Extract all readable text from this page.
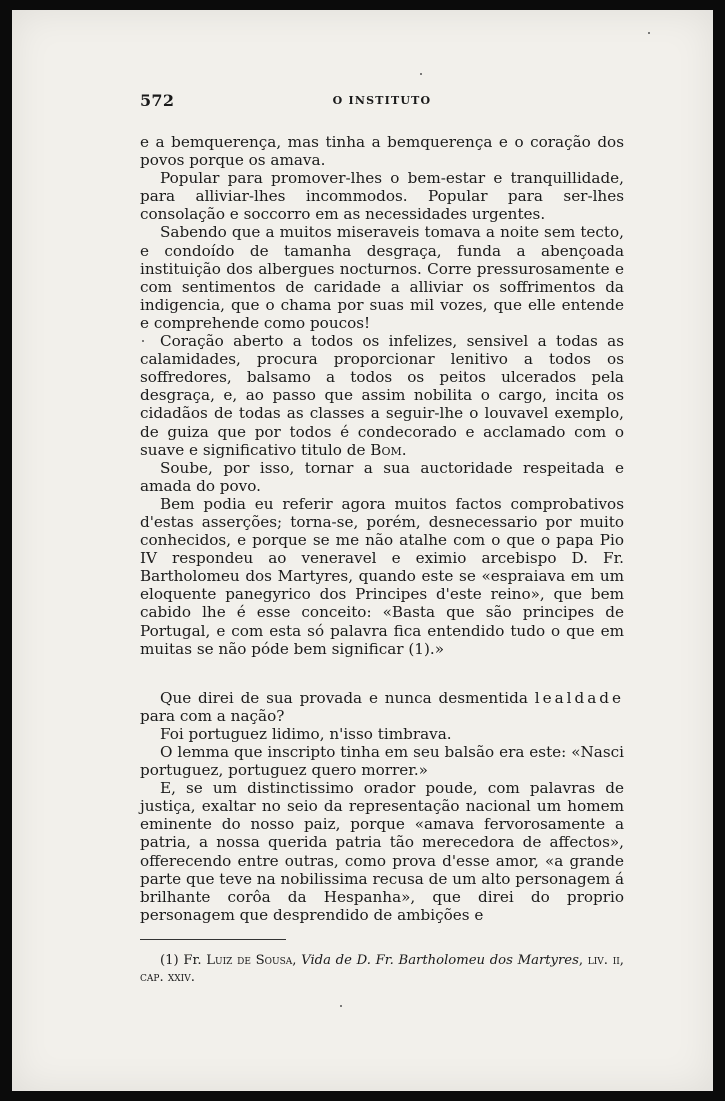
572	O INSTITUTO

e a bemquerença, mas tinha a bemquerença e o coração dos povos porque os amava.

Popular para promover-lhes o bem-estar e tranquillidade, para alliviar-lhes incommodos. Popular para ser-lhes consolação e soccorro em as necessidades urgentes.

Sabendo que a muitos miseraveis tomava a noite sem tecto, e condoído de tamanha desgraça, funda a abençoada instituição dos albergues nocturnos. Corre pressurosamente e com sentimentos de caridade a alliviar os soffrimentos da indigencia, que o chama por suas mil vozes, que elle entende e comprehende como poucos!

Coração aberto a todos os infelizes, sensivel a todas as calamidades, procura proporcionar lenitivo a todos os soffredores, balsamo a todos os peitos ulcerados pela desgraça, e, ao passo que assim nobilita o cargo, incita os cidadãos de todas as classes a seguir-lhe o louvavel exemplo, de guiza que por todos é condecorado e acclamado com o suave e significativo titulo de Bom.

Soube, por isso, tornar a sua auctoridade respeitada e amada do povo.

Bem podia eu referir agora muitos factos comprobativos d'estas asserções; torna-se, porém, desnecessario por muito conhecidos, e porque se me não atalhe com o que o papa Pio IV respondeu ao veneravel e eximio arcebispo D. Fr. Bartholomeu dos Martyres, quando este se «espraiava em um eloquente panegyrico dos Principes d'este reino», que bem cabido lhe é esse conceito: «Basta que são principes de Portugal, e com esta só palavra fica entendido tudo o que em muitas se não póde bem significar (1).»

Que direi de sua provada e nunca desmentida lealdade para com a nação?

Foi portuguez lidimo, n'isso timbrava.

O lemma que inscripto tinha em seu balsão era este: «Nasci portuguez, portuguez quero morrer.»

E, se um distinctissimo orador poude, com palavras de justiça, exaltar no seio da representação nacional um homem eminente do nosso paiz, porque «amava fervorosamente a patria, a nossa querida patria tão merecedora de affectos», offerecendo entre outras, como prova d'esse amor, «a grande parte que teve na nobilissima recusa de um alto personagem á brilhante corôa da Hespanha», que direi do proprio personagem que desprendido de ambições e

(1) Fr. Luiz de Sousa, Vida de D. Fr. Bartholomeu dos Martyres, liv. ii, cap. xxiv.
